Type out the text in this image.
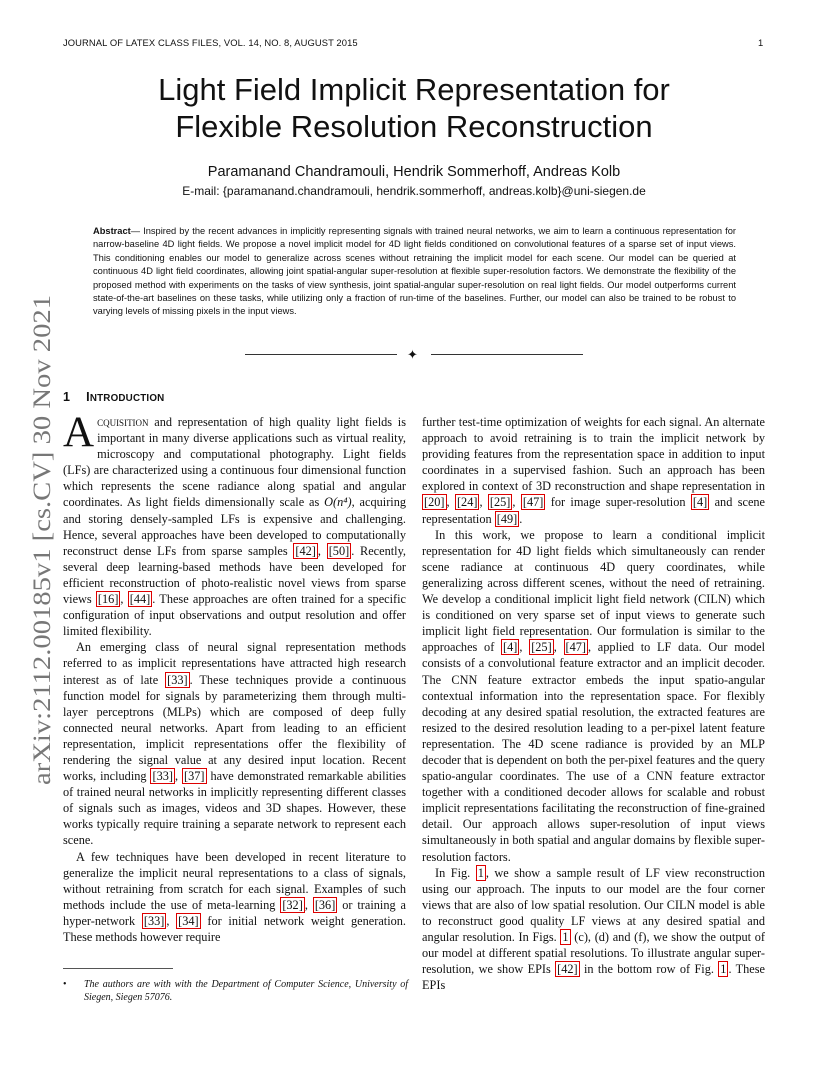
JOURNAL OF LATEX CLASS FILES, VOL. 14, NO. 8, AUGUST 2015	1
arXiv:2112.00185v1 [cs.CV] 30 Nov 2021
Light Field Implicit Representation for
Flexible Resolution Reconstruction
Paramanand Chandramouli, Hendrik Sommerhoff, Andreas Kolb
E-mail: {paramanand.chandramouli, hendrik.sommerhoff, andreas.kolb}@uni-siegen.de
Abstract— Inspired by the recent advances in implicitly representing signals with trained neural networks, we aim to learn a continuous representation for narrow-baseline 4D light fields. We propose a novel implicit model for 4D light fields conditioned on convolutional features of a sparse set of input views. This conditioning enables our model to generalize across scenes without retraining the implicit model for each scene. Our model can be queried at continuous 4D light field coordinates, allowing joint spatial-angular super-resolution at flexible super-resolution factors. We demonstrate the flexibility of the proposed method with experiments on the tasks of view synthesis, joint spatial-angular super-resolution on real light fields. Our model outperforms current state-of-the-art baselines on these tasks, while utilizing only a fraction of run-time of the baselines. Further, our model can also be trained to be robust to varying levels of missing pixels in the input views.
✦
1 INTRODUCTION

Acquisition and representation of high quality light fields is important in many diverse applications such as virtual reality, microscopy and computational photography. Light fields (LFs) are characterized using a continuous four dimensional function which represents the scene radiance along spatial and angular coordinates. As light fields dimensionally scale as O(n⁴), acquiring and storing densely-sampled LFs is expensive and challenging. Hence, several approaches have been developed to computationally reconstruct dense LFs from sparse samples [42] , [50] . Recently, several deep learning-based methods have been developed for efficient reconstruction of photo-realistic novel views from sparse views [16] , [44] . These approaches are often trained for a specific configuration of input observations and output resolution and offer limited flexibility.

An emerging class of neural signal representation methods referred to as implicit representations have attracted high research interest as of late [33] . These techniques provide a continuous function model for signals by parameterizing them through multi-layer perceptrons (MLPs) which are composed of deep fully connected neural networks. Apart from leading to an efficient representation, implicit representations offer the flexibility of rendering the signal value at any desired input location. Recent works, including [33] , [37] have demonstrated remarkable abilities of trained neural networks in implicitly representing different classes of signals such as images, videos and 3D shapes. However, these works typically require training a separate network to represent each scene.

A few techniques have been developed in recent literature to generalize the implicit neural representations to a class of signals, without retraining from scratch for each signal. Examples of such methods include the use of meta-learning [32] , [36] or training a hyper-network [33] , [34] for initial network weight generation. These methods however require

further test-time optimization of weights for each signal. An alternate approach to avoid retraining is to train the implicit network by providing features from the representation space in addition to input coordinates in a supervised fashion. Such an approach has been explored in context of 3D reconstruction and shape representation in [20] , [24] , [25] , [47] for image super-resolution [4] and scene representation [49] .

In this work, we propose to learn a conditional implicit representation for 4D light fields which simultaneously can render scene radiance at continuous 4D query coordinates, while generalizing across different scenes, without the need of retraining. We develop a conditional implicit light field network (CILN) which is conditioned on very sparse set of input views to generate such implicit light field representation. Our formulation is similar to the approaches of [4] , [25] , [47] , applied to LF data. Our model consists of a convolutional feature extractor and an implicit decoder. The CNN feature extractor embeds the input spatio-angular contextual information into the representation space. For flexibly decoding at any desired spatial resolution, the extracted features are resized to the desired resolution leading to a per-pixel latent feature representation. The 4D scene radiance is provided by an MLP decoder that is dependent on both the per-pixel features and the query spatio-angular coordinates. The use of a CNN feature extractor together with a conditioned decoder allows for scalable and robust implicit representations facilitating the reconstruction of fine-grained detail. Our approach allows super-resolution of input views simultaneously in both spatial and angular domains by flexible super-resolution factors.

In Fig. 1 , we show a sample result of LF view reconstruction using our approach. The inputs to our model are the four corner views that are also of low spatial resolution. Our CILN model is able to reconstruct good quality LF views at any desired spatial and angular resolution. In Figs. 1 (c), (d) and (f), we show the output of our model at different spatial resolutions. To illustrate angular super-resolution, we show EPIs [42] in the bottom row of Fig. 1 . These EPIs

• The authors are with with the Department of Computer Science, University of Siegen, Siegen 57076.
